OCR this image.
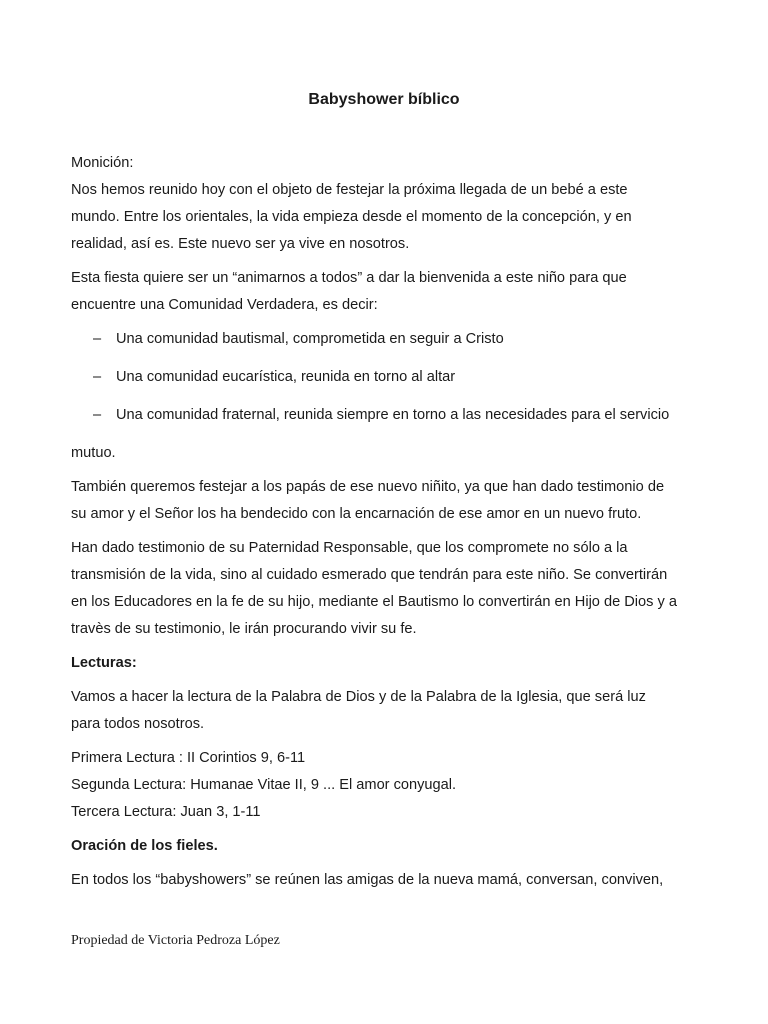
Babyshower bíblico

Monición:

Nos hemos reunido hoy con el objeto de festejar la próxima llegada de un bebé a este

mundo. Entre los orientales, la vida empieza desde el momento de la concepción, y en

realidad, así es. Este nuevo ser ya vive en nosotros.

Esta fiesta quiere ser un “animarnos a todos” a dar la bienvenida a este niño para que

encuentre una Comunidad Verdadera, es decir:

– Una comunidad bautismal, comprometida en seguir a Cristo
– Una comunidad eucarística, reunida en torno al altar
– Una comunidad fraternal, reunida siempre en torno a las necesidades para el servicio

mutuo.

También queremos festejar a los papás de ese nuevo niñito, ya que han dado testimonio de

su amor y el Señor los ha bendecido con la encarnación de ese amor en un nuevo fruto.

Han dado testimonio de su Paternidad Responsable, que los compromete no sólo a la

transmisión de la vida, sino al cuidado esmerado que tendrán para este niño. Se convertirán

en los Educadores en la fe de su hijo, mediante el Bautismo lo convertirán en Hijo de Dios y a

travès de su testimonio, le irán procurando vivir su fe.

Lecturas:

Vamos a hacer la lectura de la Palabra de Dios y de la Palabra de la Iglesia, que será luz

para todos nosotros.

Primera Lectura : II Corintios 9, 6-11

Segunda Lectura: Humanae Vitae II, 9 ... El amor conyugal.

Tercera Lectura: Juan 3, 1-11

Oración de los fieles.

En todos los “babyshowers” se reúnen las amigas de la nueva mamá, conversan, conviven,

Propiedad de Victoria Pedroza López
